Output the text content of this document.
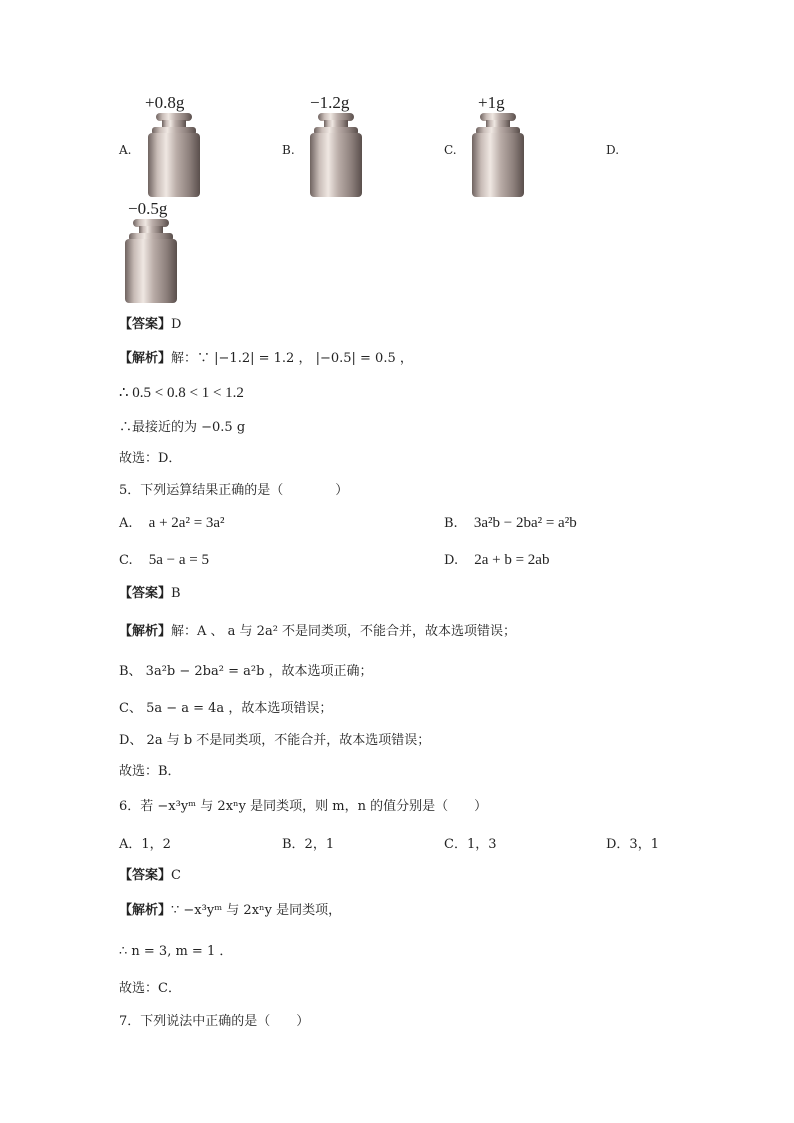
A.
+0.8g
B.
−1.2g
C.
+1g
D.
−0.5g
【答案】D
【解析】解：∵ |−1.2| = 1.2 ， |−0.5| = 0.5 ，
∴ 0.5 < 0.8 < 1 < 1.2
∴最接近的为 −0.5 g
故选：D．
5．下列运算结果正确的是（　　　　）
A. a + 2a² = 3a²	B. 3a²b − 2ba² = a²b
C. 5a − a = 5	D. 2a + b = 2ab
【答案】B
【解析】解：A 、 a 与 2a² 不是同类项，不能合并，故本选项错误；
B、 3a²b − 2ba² = a²b ，故本选项正确；
C、 5a − a = 4a ，故本选项错误；
D、 2a 与 b 不是同类项，不能合并，故本选项错误；
故选：B．
6．若 −x³yᵐ 与 2xⁿy 是同类项，则 m，n 的值分别是（　　）
A．1，2	B．2，1	C．1，3	D．3，1
【答案】C
【解析】∵ −x³yᵐ 与 2xⁿy 是同类项，
∴ n = 3, m = 1 ．
故选：C．
7．下列说法中正确的是（　　）
